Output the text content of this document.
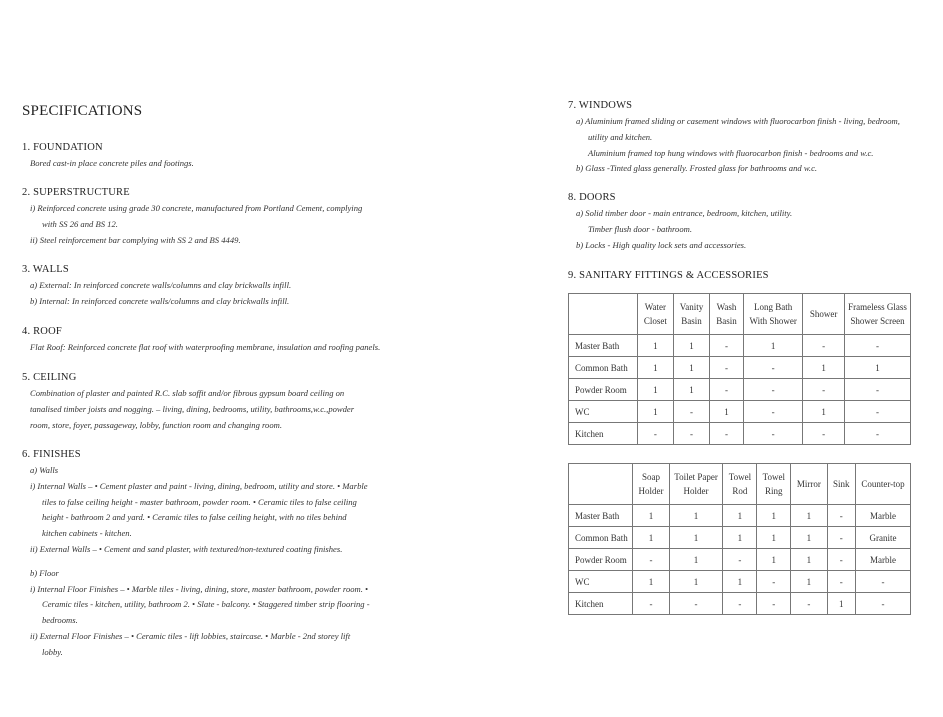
SPECIFICATIONS
1. FOUNDATION
Bored cast-in place concrete piles and footings.
2. SUPERSTRUCTURE
i) Reinforced concrete using grade 30 concrete, manufactured from Portland Cement, complying with SS 26 and BS 12.
ii) Steel reinforcement bar complying with SS 2 and BS 4449.
3. WALLS
a) External: In reinforced concrete walls/columns and clay brickwalls infill.
b) Internal: In reinforced concrete walls/columns and clay brickwalls infill.
4. ROOF
Flat Roof: Reinforced concrete flat roof with waterproofing membrane, insulation and roofing panels.
5. CEILING
Combination of plaster and painted R.C. slab soffit and/or fibrous gypsum board ceiling on tanalised timber joists and nogging. – living, dining, bedrooms, utility, bathrooms,w.c.,powder room, store, foyer, passageway, lobby, function room and changing room.
6. FINISHES
a) Walls
i) Internal Walls – • Cement plaster and paint - living, dining, bedroom, utility and store. • Marble tiles to false ceiling height - master bathroom, powder room. • Ceramic tiles to false ceiling height - bathroom 2 and yard. • Ceramic tiles to false ceiling height, with no tiles behind kitchen cabinets - kitchen.
ii) External Walls – • Cement and sand plaster, with textured/non-textured coating finishes.
b) Floor
i) Internal Floor Finishes – • Marble tiles - living, dining, store, master bathroom, powder room. • Ceramic tiles - kitchen, utility, bathroom 2. • Slate - balcony. • Staggered timber strip flooring - bedrooms.
ii) External Floor Finishes – • Ceramic tiles - lift lobbies, staircase. • Marble - 2nd storey lift lobby.
7. WINDOWS
a) Aluminium framed sliding or casement windows with fluorocarbon finish - living, bedroom, utility and kitchen.
Aluminium framed top hung windows with fluorocarbon finish - bedrooms and w.c.
b) Glass -Tinted glass generally. Frosted glass for bathrooms and w.c.
8. DOORS
a) Solid timber door - main entrance, bedroom, kitchen, utility.
Timber flush door - bathroom.
b) Locks - High quality lock sets and accessories.
9. SANITARY FITTINGS & ACCESSORIES
	Water Closet	Vanity Basin	Wash Basin	Long Bath With Shower	Shower	Frameless Glass Shower Screen
Master Bath	1	1	-	1	-	-
Common Bath	1	1	-	-	1	1
Powder Room	1	1	-	-	-	-
WC	1	-	1	-	1	-
Kitchen	-	-	-	-	-	-
	Soap Holder	Toilet Paper Holder	Towel Rod	Towel Ring	Mirror	Sink	Counter-top
Master Bath	1	1	1	1	1	-	Marble
Common Bath	1	1	1	1	1	-	Granite
Powder Room	-	1	-	1	1	-	Marble
WC	1	1	1	-	1	-	-
Kitchen	-	-	-	-	-	1	-
